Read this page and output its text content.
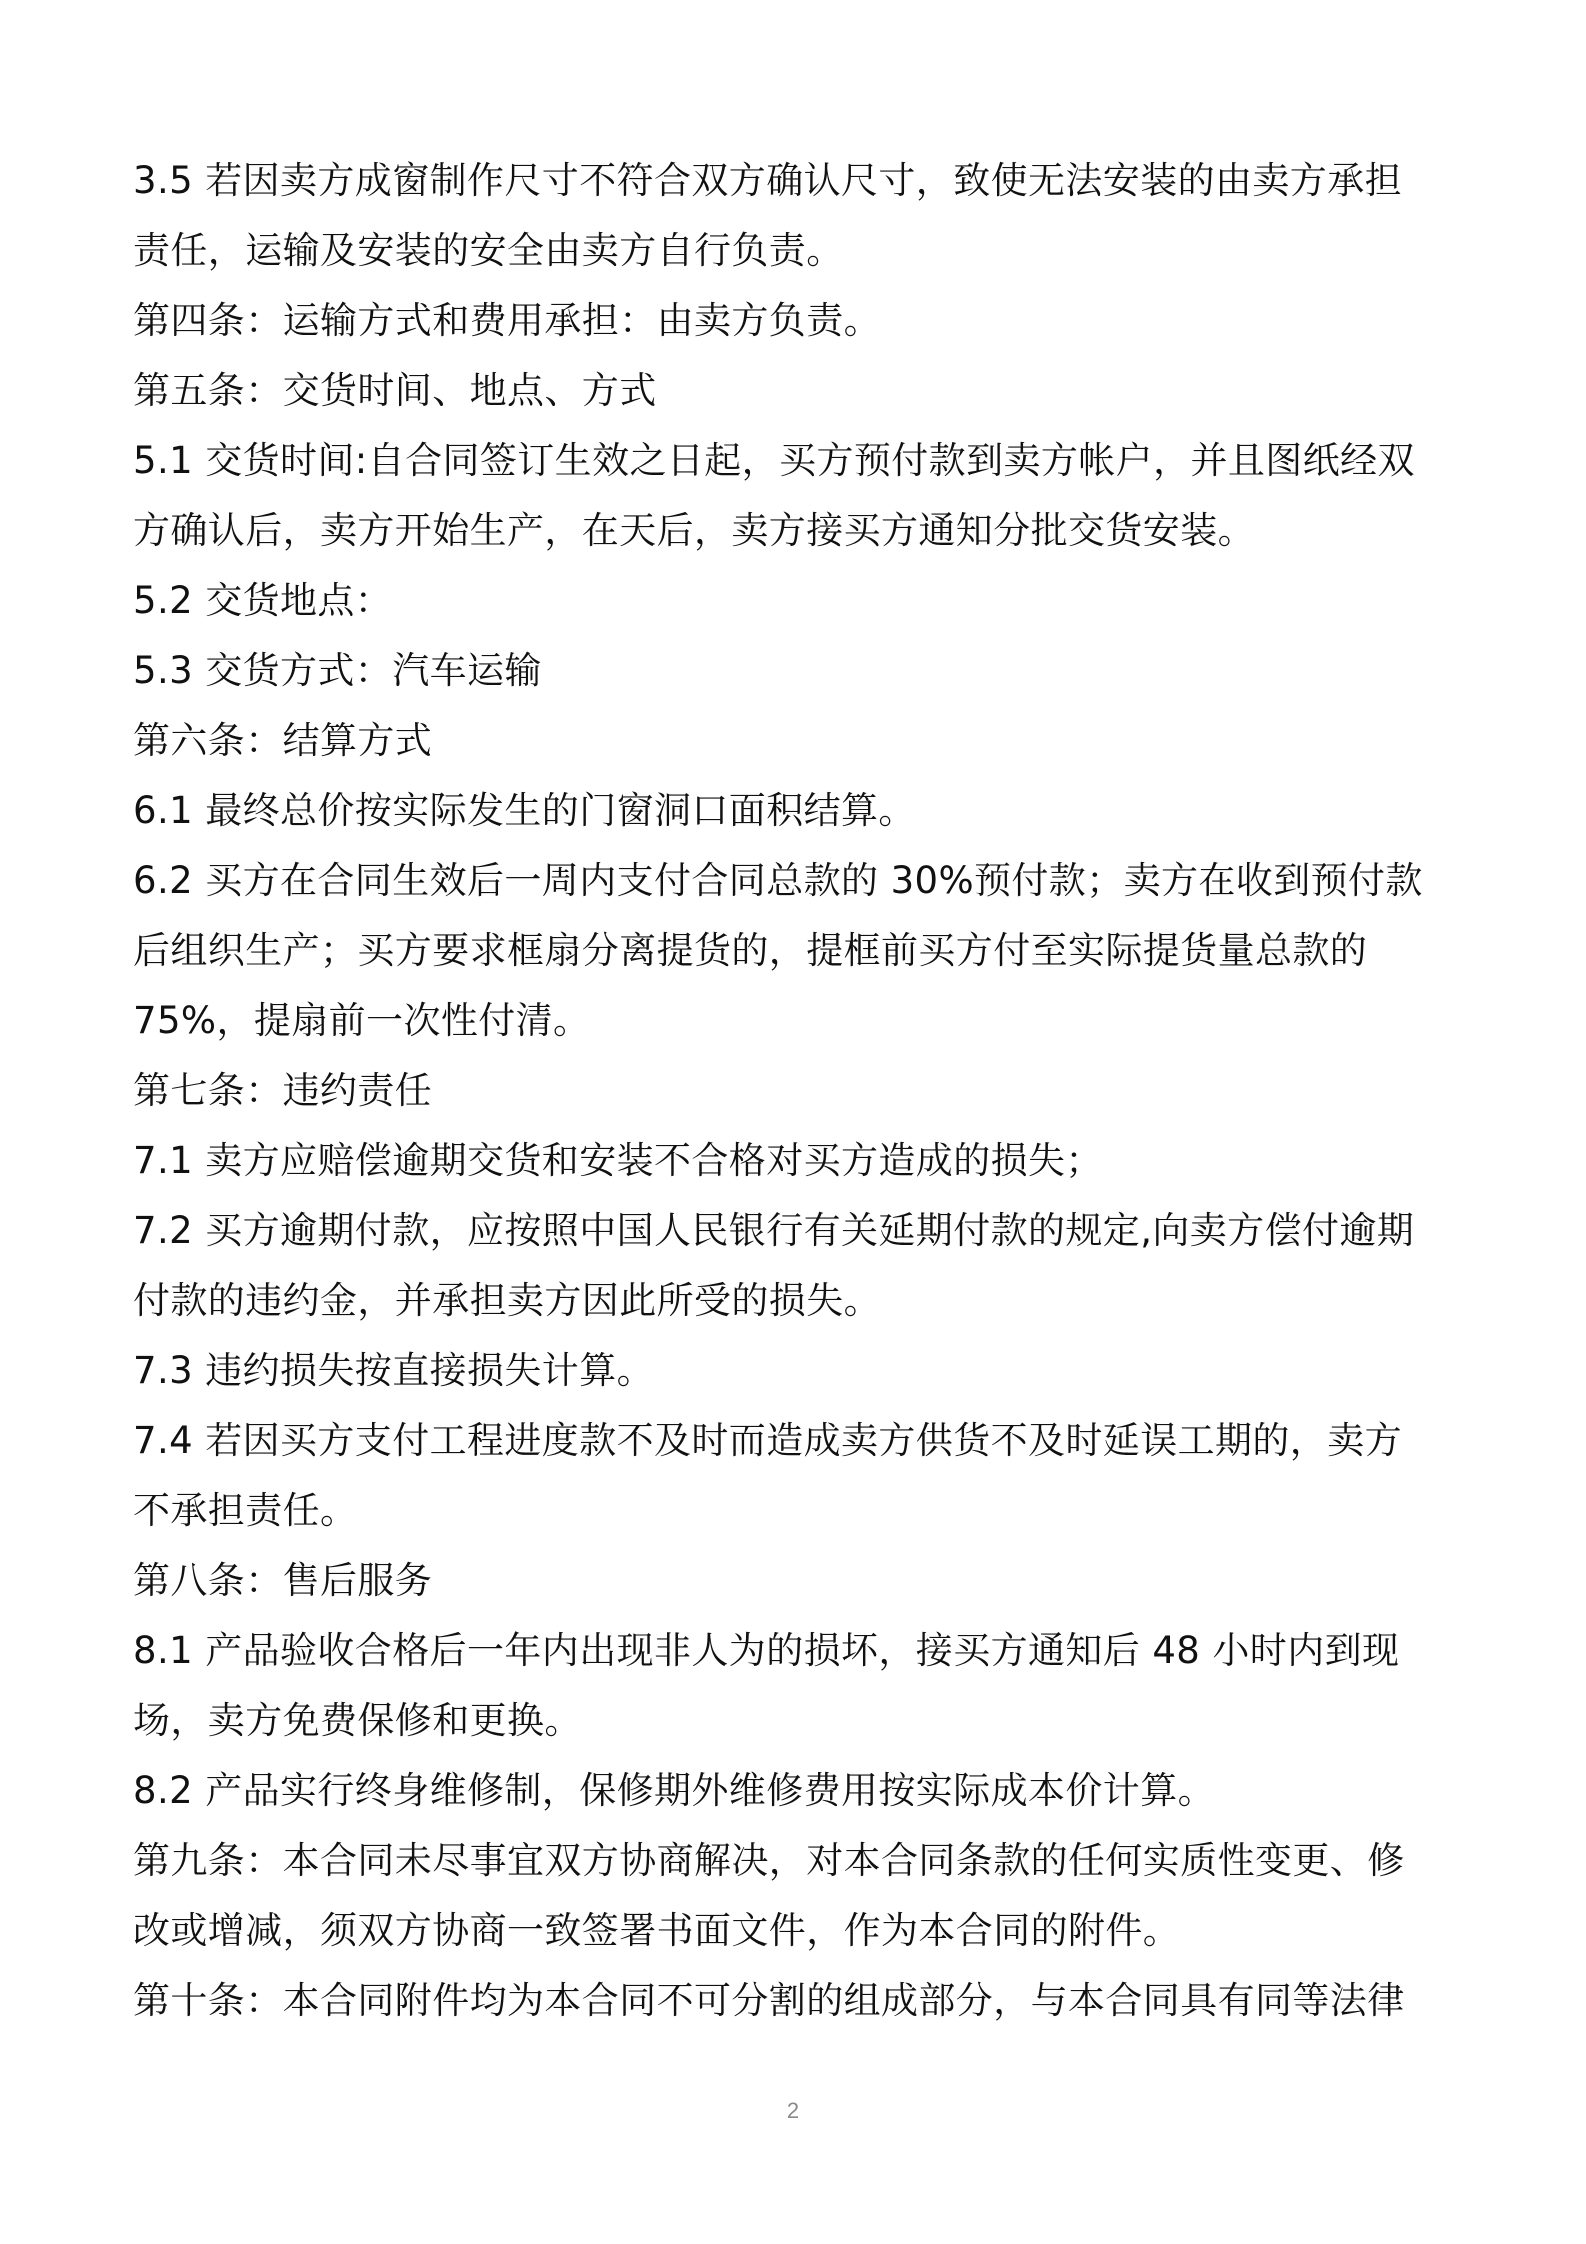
3.5 若因卖方成窗制作尺寸不符合双方确认尺寸，致使无法安装的由卖方承担
责任，运输及安装的安全由卖方自行负责。
第四条：运输方式和费用承担：由卖方负责。
第五条：交货时间、地点、方式
5.1 交货时间:自合同签订生效之日起，买方预付款到卖方帐户，并且图纸经双
方确认后，卖方开始生产，在天后，卖方接买方通知分批交货安装。
5.2 交货地点：
5.3 交货方式：汽车运输
第六条：结算方式
6.1 最终总价按实际发生的门窗洞口面积结算。
6.2 买方在合同生效后一周内支付合同总款的 30%预付款；卖方在收到预付款
后组织生产；买方要求框扇分离提货的，提框前买方付至实际提货量总款的
75%，提扇前一次性付清。
第七条：违约责任
7.1 卖方应赔偿逾期交货和安装不合格对买方造成的损失；
7.2 买方逾期付款，应按照中国人民银行有关延期付款的规定,向卖方偿付逾期
付款的违约金，并承担卖方因此所受的损失。
7.3 违约损失按直接损失计算。
7.4 若因买方支付工程进度款不及时而造成卖方供货不及时延误工期的，卖方
不承担责任。
第八条：售后服务
8.1 产品验收合格后一年内出现非人为的损坏，接买方通知后 48 小时内到现
场，卖方免费保修和更换。
8.2 产品实行终身维修制，保修期外维修费用按实际成本价计算。
第九条：本合同未尽事宜双方协商解决，对本合同条款的任何实质性变更、修
改或增减，须双方协商一致签署书面文件，作为本合同的附件。
第十条：本合同附件均为本合同不可分割的组成部分，与本合同具有同等法律
2
